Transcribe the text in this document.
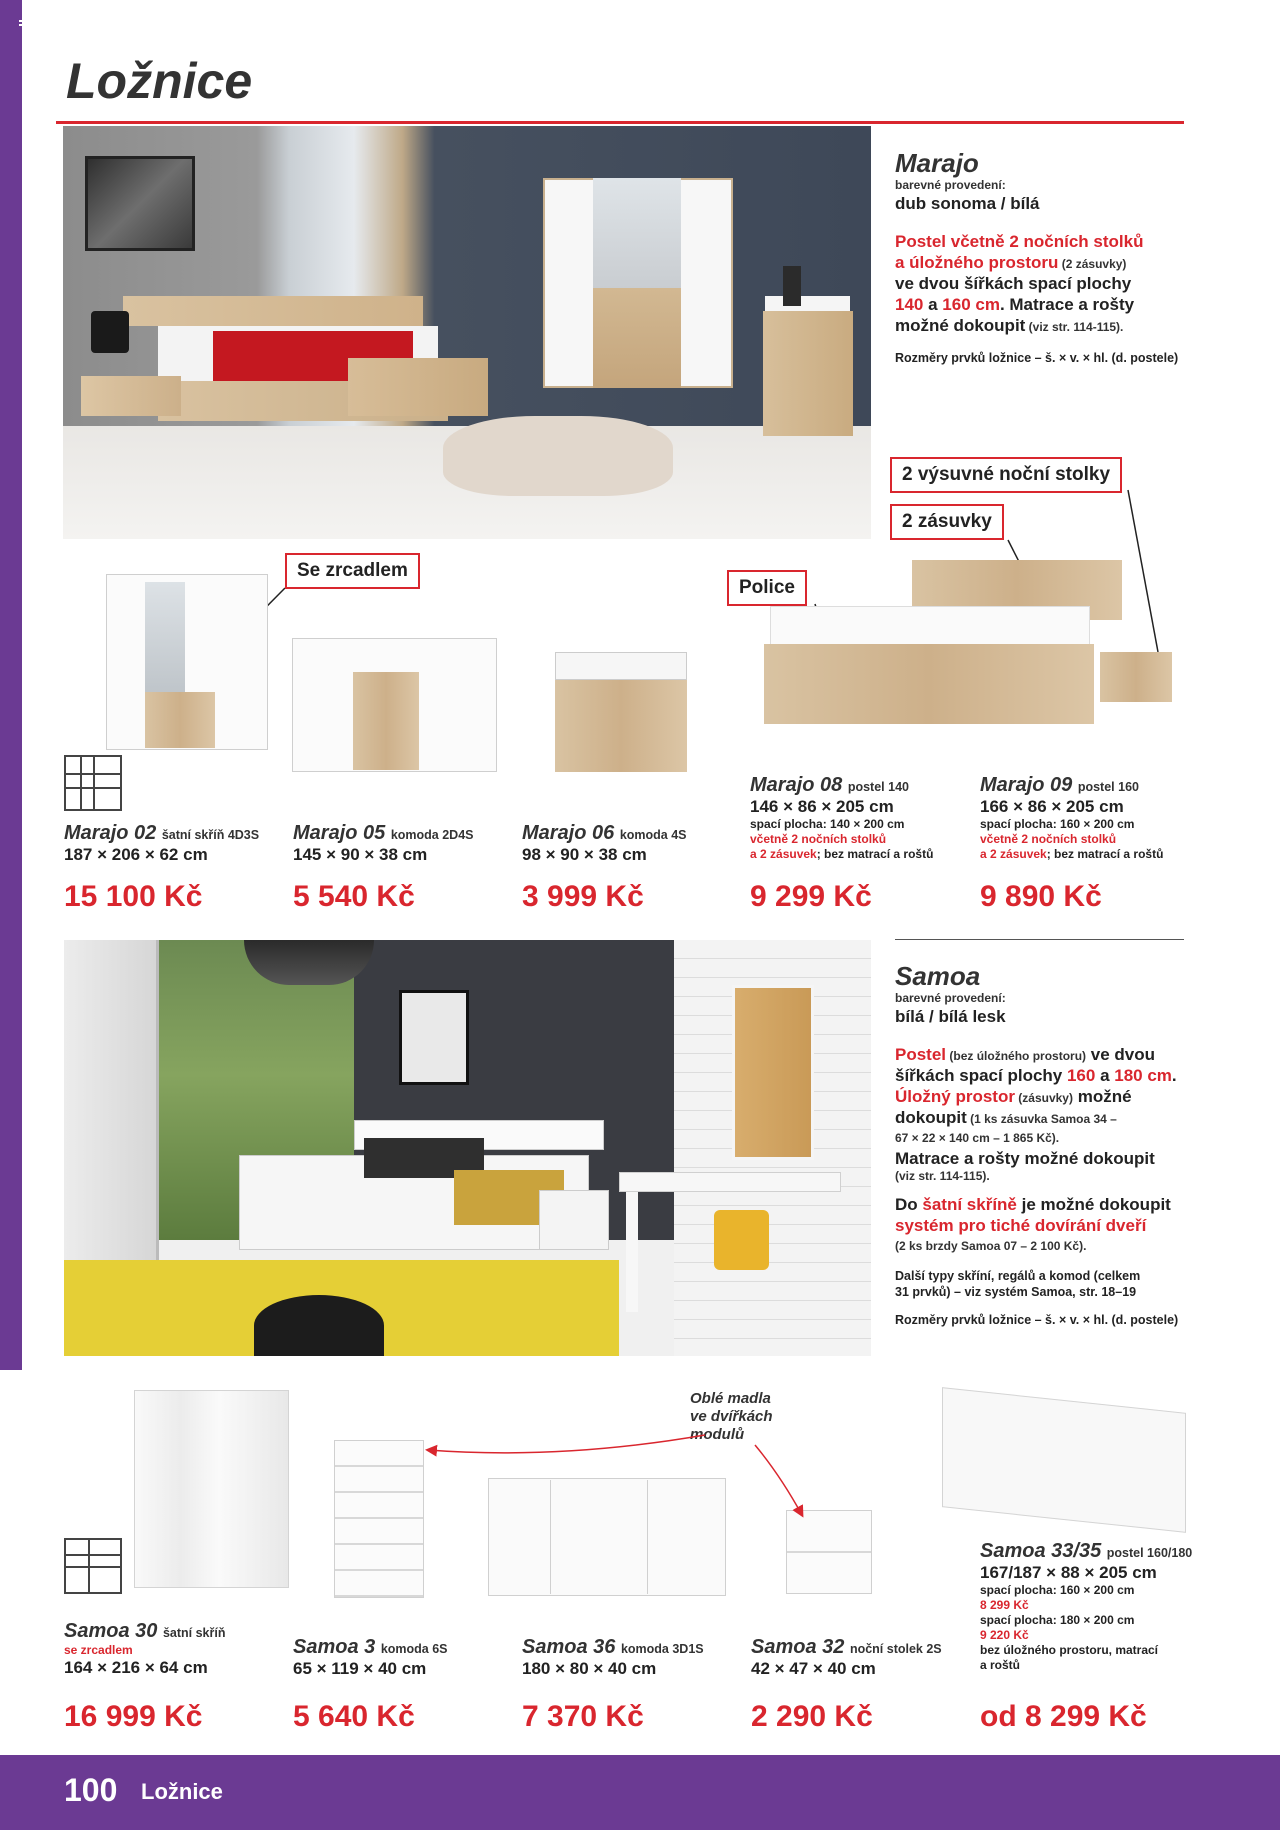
Ložnice

Marajo

barevné provedení:

dub sonoma / bílá

Postel včetně 2 nočních stolků

a úložného prostoru (2 zásuvky)

ve dvou šířkách spací plochy

140 a 160 cm. Matrace a rošty

možné dokoupit (viz str. 114-115).

Rozměry prvků ložnice – š. × v. × hl. (d. postele)

Se zrcadlem
Police
2 zásuvky
2 výsuvné noční stolky
Marajo 02 šatní skříň 4D3S
187 × 206 × 62 cm
15 100 Kč
Marajo 05 komoda 2D4S
145 × 90 × 38 cm
5 540 Kč
Marajo 06 komoda 4S
98 × 90 × 38 cm
3 999 Kč
Marajo 08 postel 140
146 × 86 × 205 cm
spací plocha: 140 × 200 cm
včetně 2 nočních stolků
a 2 zásuvek; bez matrací a roštů
9 299 Kč
Marajo 09 postel 160
166 × 86 × 205 cm
spací plocha: 160 × 200 cm
včetně 2 nočních stolků
a 2 zásuvek; bez matrací a roštů
9 890 Kč

Samoa

barevné provedení:

bílá / bílá lesk

Postel (bez úložného prostoru) ve dvou

šířkách spací plochy 160 a 180 cm.

Úložný prostor (zásuvky) možné

dokoupit (1 ks zásuvka Samoa 34 –

67 × 22 × 140 cm – 1 865 Kč).

Matrace a rošty možné dokoupit

(viz str. 114-115).

Do šatní skříně je možné dokoupit

systém pro tiché dovírání dveří

(2 ks brzdy Samoa 07 – 2 100 Kč).

Další typy skříní, regálů a komod (celkem

31 prvků) – viz systém Samoa, str. 18–19

Rozměry prvků ložnice – š. × v. × hl. (d. postele)

Oblé madla
ve dvířkách
modulů
Samoa 30 šatní skříň
se zrcadlem
164 × 216 × 64 cm
16 999 Kč
Samoa 3 komoda 6S
65 × 119 × 40 cm
5 640 Kč
Samoa 36 komoda 3D1S
180 × 80 × 40 cm
7 370 Kč
Samoa 32 noční stolek 2S
42 × 47 × 40 cm
2 290 Kč
Samoa 33/35 postel 160/180
167/187 × 88 × 205 cm
spací plocha: 160 × 200 cm
8 299 Kč
spací plocha: 180 × 200 cm
9 220 Kč
bez úložného prostoru, matrací
a roštů
od 8 299 Kč
100 Ložnice
